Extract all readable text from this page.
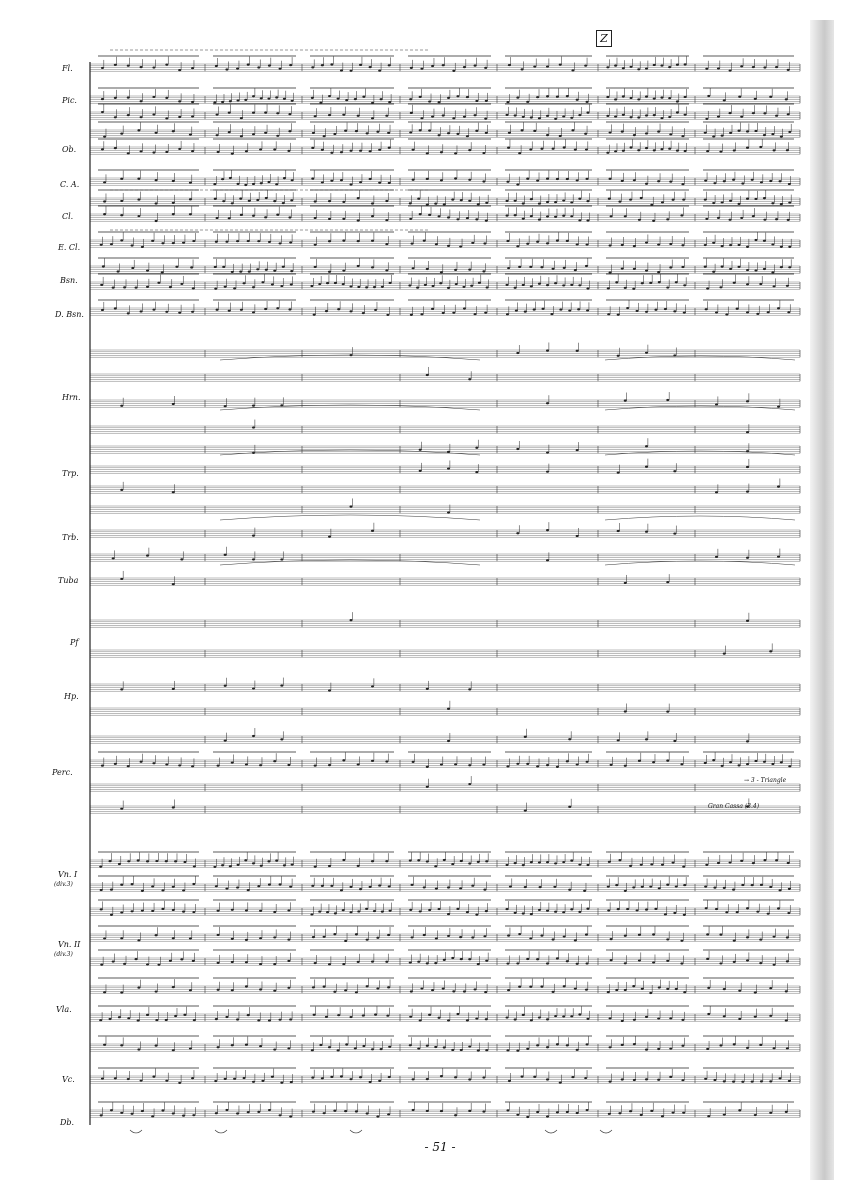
Z
Fl.
Pic.
Ob.
C. A.
Cl.
E. Cl.
Bsn.
D. Bsn.
Hrn.
Trp.
Trb.
Tuba
Pf
Hp.
Perc.
Vn. I
(div.3)
Vn. II
(div.3)
Vla.
Vc.
Db.
→ 3 - Triangle
Gran Cassa (3.4)
- 51 -
